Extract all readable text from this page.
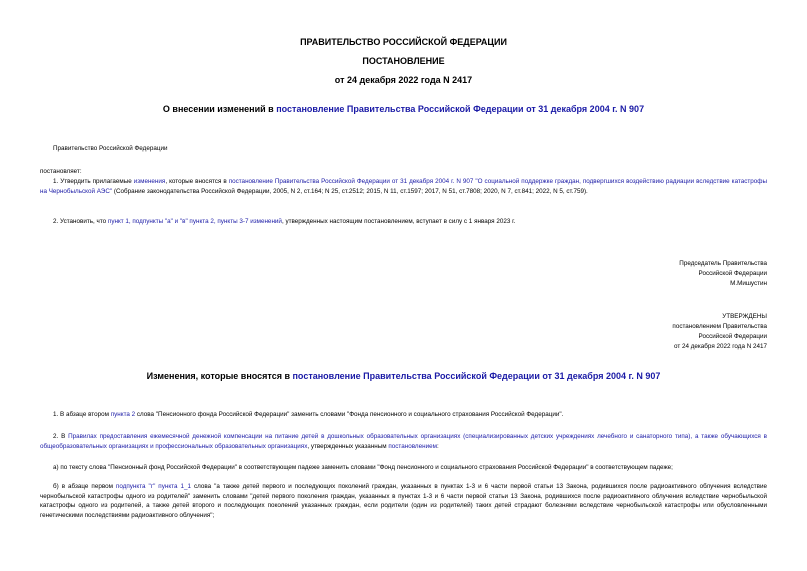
ПРАВИТЕЛЬСТВО РОССИЙСКОЙ ФЕДЕРАЦИИ
ПОСТАНОВЛЕНИЕ
от 24 декабря 2022 года N 2417
О внесении изменений в постановление Правительства Российской Федерации от 31 декабря 2004 г. N 907
Правительство Российской Федерации
постановляет:
1. Утвердить прилагаемые изменения, которые вносятся в постановление Правительства Российской Федерации от 31 декабря 2004 г. N 907 "О социальной поддержке граждан, подвергшихся воздействию радиации вследствие катастрофы на Чернобыльской АЭС" (Собрание законодательства Российской Федерации, 2005, N 2, ст.164; N 25, ст.2512; 2015, N 11, ст.1597; 2017, N 51, ст.7808; 2020, N 7, ст.841; 2022, N 5, ст.759).
2. Установить, что пункт 1, подпункты "а" и "в" пункта 2, пункты 3-7 изменений, утвержденных настоящим постановлением, вступает в силу с 1 января 2023 г.
Председатель Правительства
Российской Федерации
М.Мишустин
УТВЕРЖДЕНЫ
постановлением Правительства
Российской Федерации
от 24 декабря 2022 года N 2417
Изменения, которые вносятся в постановление Правительства Российской Федерации от 31 декабря 2004 г. N 907
1. В абзаце втором пункта 2 слова "Пенсионного фонда Российской Федерации" заменить словами "Фонда пенсионного и социального страхования Российской Федерации".
2. В Правилах предоставления ежемесячной денежной компенсации на питание детей в дошкольных образовательных организациях (специализированных детских учреждениях лечебного и санаторного типа), а также обучающихся в общеобразовательных организациях и профессиональных образовательных организациях, утвержденных указанным постановлением:
а) по тексту слова "Пенсионный фонд Российской Федерации" в соответствующем падеже заменить словами "Фонд пенсионного и социального страхования Российской Федерации" в соответствующем падеже;
б) в абзаце первом подпункта "г" пункта 1_1 слова "а также детей первого и последующих поколений граждан, указанных в пунктах 1-3 и 6 части первой статьи 13 Закона, родившихся после радиоактивного облучения вследствие чернобыльской катастрофы одного из родителей" заменить словами "детей первого поколения граждан, указанных в пунктах 1-3 и 6 части первой статьи 13 Закона, родившихся после радиоактивного облучения вследствие чернобыльской катастрофы одного из родителей, а также детей второго и последующих поколений указанных граждан, если родители (один из родителей) таких детей страдают болезнями вследствие чернобыльской катастрофы или обусловленными генетическими последствиями радиоактивного облучения";
